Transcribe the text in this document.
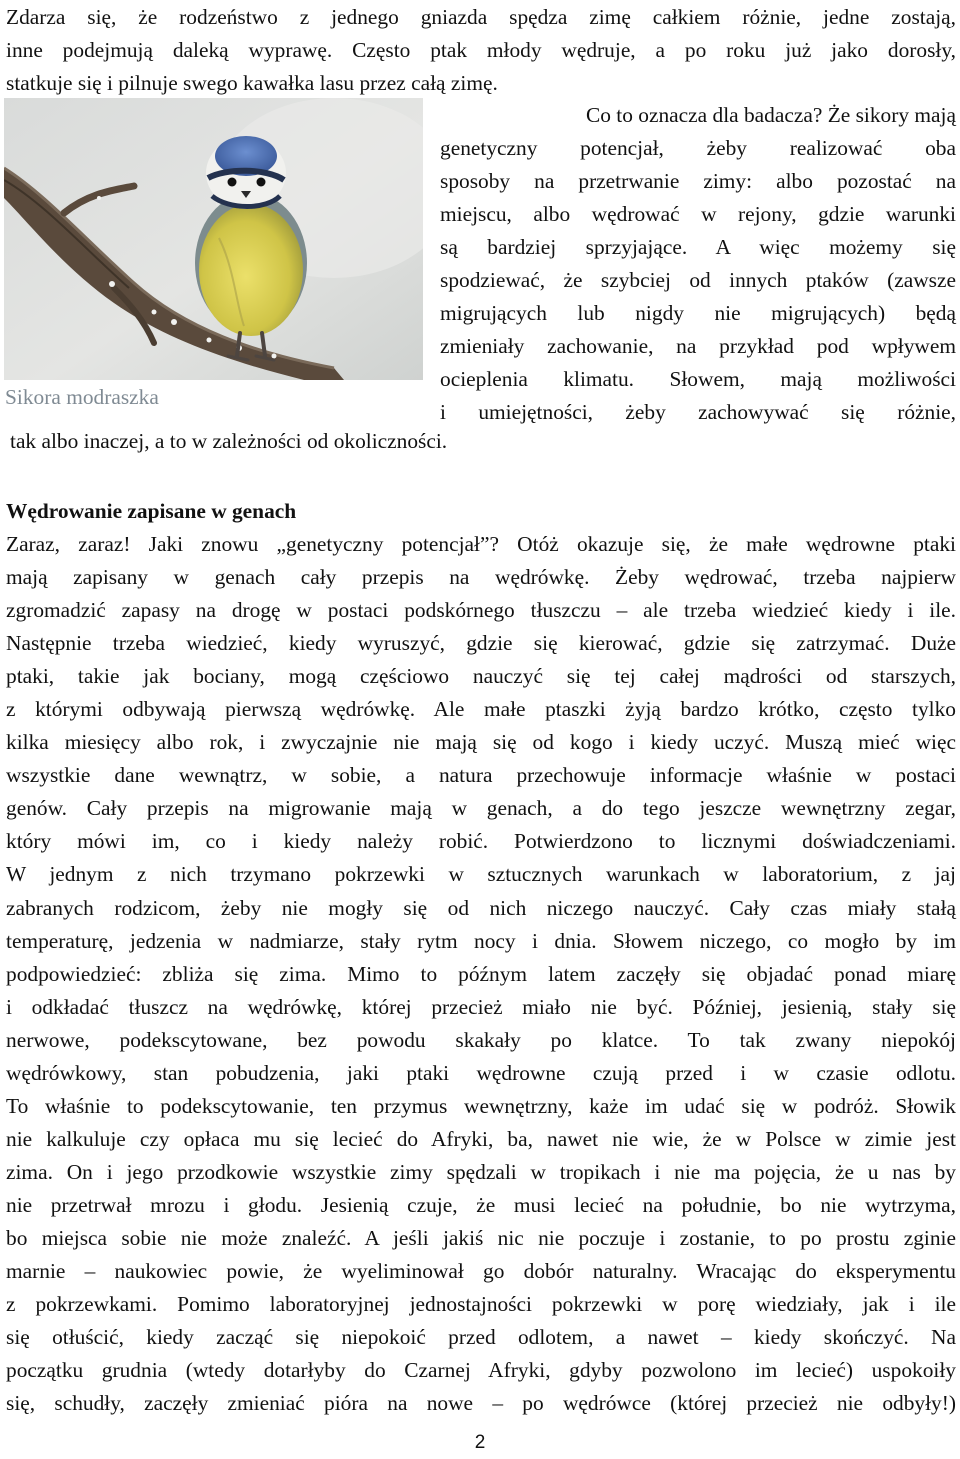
Zdarza się, że rodzeństwo z jednego gniazda spędza zimę całkiem różnie, jedne zostają,
inne podejmują daleką wyprawę. Często ptak młody wędruje, a po roku już jako dorosły,
statkuje się i pilnuje swego kawałka lasu przez całą zimę.
Sikora modraszka
Co to oznacza dla badacza? Że sikory mają
genetyczny potencjał, żeby realizować oba
sposoby na przetrwanie zimy: albo pozostać na
miejscu, albo wędrować w rejony, gdzie warunki
są bardziej sprzyjające. A więc możemy się
spodziewać, że szybciej od innych ptaków (zawsze
migrujących lub nigdy nie migrujących) będą
zmieniały zachowanie, na przykład pod wpływem
ocieplenia klimatu. Słowem, mają możliwości
i umiejętności, żeby zachowywać się różnie,
tak albo inaczej, a to w zależności od okoliczności.
Wędrowanie zapisane w genach
Zaraz, zaraz! Jaki znowu „genetyczny potencjał”? Otóż okazuje się, że małe wędrowne ptaki
mają zapisany w genach cały przepis na wędrówkę. Żeby wędrować, trzeba najpierw
zgromadzić zapasy na drogę w postaci podskórnego tłuszczu – ale trzeba wiedzieć kiedy i ile.
Następnie trzeba wiedzieć, kiedy wyruszyć, gdzie się kierować, gdzie się zatrzymać. Duże
ptaki, takie jak bociany, mogą częściowo nauczyć się tej całej mądrości od starszych,
z którymi odbywają pierwszą wędrówkę. Ale małe ptaszki żyją bardzo krótko, często tylko
kilka miesięcy albo rok, i zwyczajnie nie mają się od kogo i kiedy uczyć. Muszą mieć więc
wszystkie dane wewnątrz, w sobie, a natura przechowuje informacje właśnie w postaci
genów. Cały przepis na migrowanie mają w genach, a do tego jeszcze wewnętrzny zegar,
który mówi im, co i kiedy należy robić. Potwierdzono to licznymi doświadczeniami.
W jednym z nich trzymano pokrzewki w sztucznych warunkach w laboratorium, z jaj
zabranych rodzicom, żeby nie mogły się od nich niczego nauczyć. Cały czas miały stałą
temperaturę, jedzenia w nadmiarze, stały rytm nocy i dnia. Słowem niczego, co mogło by im
podpowiedzieć: zbliża się zima. Mimo to późnym latem zaczęły się objadać ponad miarę
i odkładać tłuszcz na wędrówkę, której przecież miało nie być. Później, jesienią, stały się
nerwowe, podekscytowane, bez powodu skakały po klatce. To tak zwany niepokój
wędrówkowy, stan pobudzenia, jaki ptaki wędrowne czują przed i w czasie odlotu.
To właśnie to podekscytowanie, ten przymus wewnętrzny, każe im udać się w podróż. Słowik
nie kalkuluje czy opłaca mu się lecieć do Afryki, ba, nawet nie wie, że w Polsce w zimie jest
zima. On i jego przodkowie wszystkie zimy spędzali w tropikach i nie ma pojęcia, że u nas by
nie przetrwał mrozu i głodu. Jesienią czuje, że musi lecieć na południe, bo nie wytrzyma,
bo miejsca sobie nie może znaleźć. A jeśli jakiś nic nie poczuje i zostanie, to po prostu zginie
marnie – naukowiec powie, że wyeliminował go dobór naturalny. Wracając do eksperymentu
z pokrzewkami. Pomimo laboratoryjnej jednostajności pokrzewki w porę wiedziały, jak i ile
się otłuścić, kiedy zacząć się niepokoić przed odlotem, a nawet – kiedy skończyć. Na
początku grudnia (wtedy dotarłyby do Czarnej Afryki, gdyby pozwolono im lecieć) uspokoiły
się, schudły, zaczęły zmieniać pióra na nowe – po wędrówce (której przecież nie odbyły!)
2
